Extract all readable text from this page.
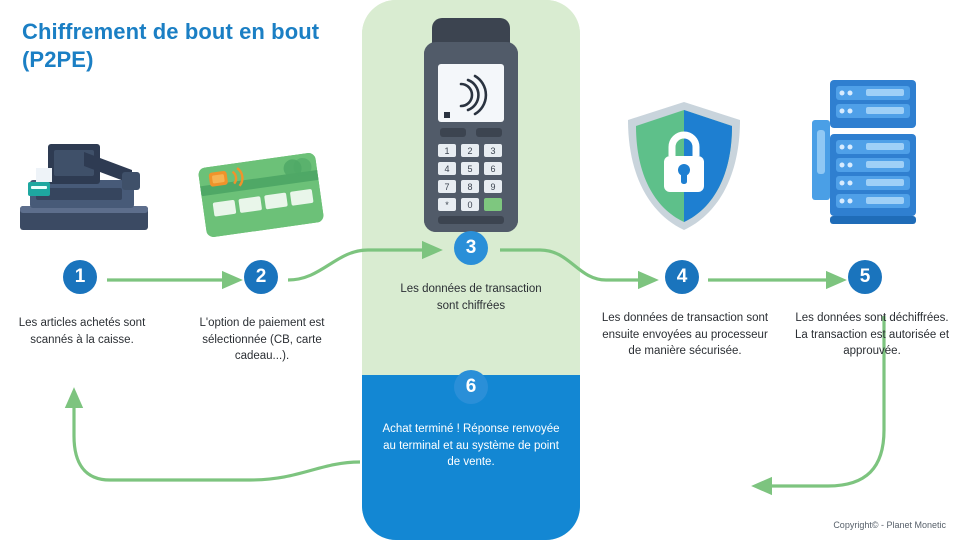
Chiffrement de bout en bout
(P2PE)
1
Les articles achetés sont scannés à la caisse.
2
L'option de paiement est sélectionnée (CB, carte cadeau...).
1 2 3
4 5 6
7 8 9
* 0
3
Les données de transaction sont chiffrées
4
Les données de transaction sont ensuite envoyées au processeur de manière sécurisée.
5
Les données sont déchiffrées. La transaction est autorisée et approuvée.
6
Achat terminé ! Réponse renvoyée au terminal et au système de point de vente.
Copyright© - Planet Monetic
